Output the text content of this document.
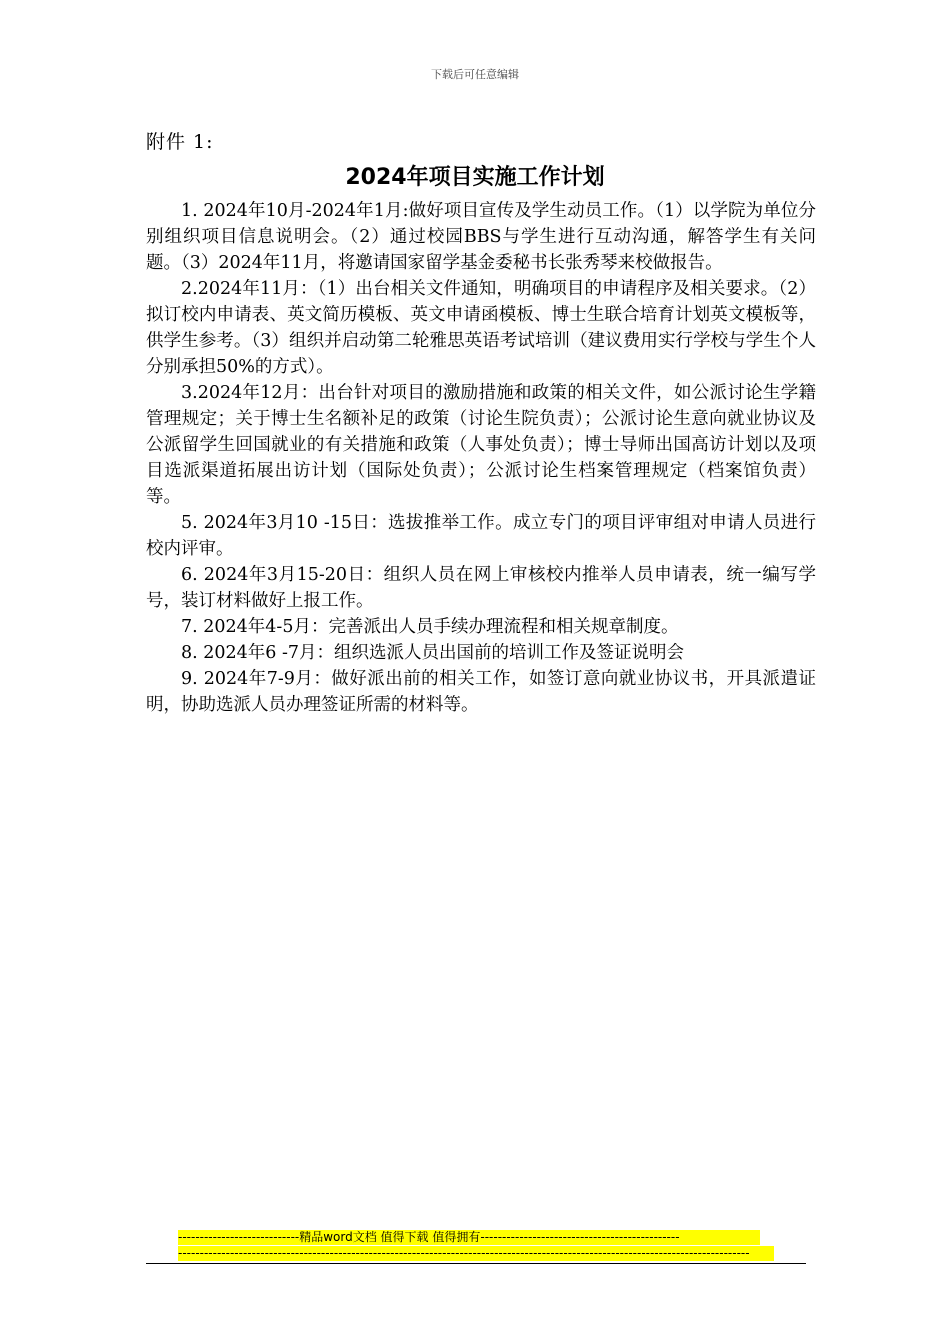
下载后可任意编辑
附件 1:
2024年项目实施工作计划

1. 2024年10月-2024年1月:做好项目宣传及学生动员工作。（1）以学院为单位分别组织项目信息说明会。（2）通过校园BBS与学生进行互动沟通，解答学生有关问题。（3）2024年11月，将邀请国家留学基金委秘书长张秀琴来校做报告。

2.2024年11月：（1）出台相关文件通知，明确项目的申请程序及相关要求。（2）拟订校内申请表、英文简历模板、英文申请函模板、博士生联合培育计划英文模板等，供学生参考。（3）组织并启动第二轮雅思英语考试培训（建议费用实行学校与学生个人分别承担50%的方式）。

3.2024年12月：出台针对项目的激励措施和政策的相关文件，如公派讨论生学籍管理规定；关于博士生名额补足的政策（讨论生院负责）；公派讨论生意向就业协议及公派留学生回国就业的有关措施和政策（人事处负责）；博士导师出国高访计划以及项目选派渠道拓展出访计划（国际处负责）；公派讨论生档案管理规定（档案馆负责）等。

5. 2024年3月10 -15日：选拔推举工作。成立专门的项目评审组对申请人员进行校内评审。

6. 2024年3月15-20日：组织人员在网上审核校内推举人员申请表，统一编写学号，装订材料做好上报工作。

7. 2024年4-5月：完善派出人员手续办理流程和相关规章制度。

8. 2024年6 -7月：组织选派人员出国前的培训工作及签证说明会

9. 2024年7-9月：做好派出前的相关工作，如签订意向就业协议书，开具派遣证明，协助选派人员办理签证所需的材料等。

----------------------------精品word文档 值得下载 值得拥有----------------------------------------------
------------------------------------------------------------------------------------------------------------------------------------
